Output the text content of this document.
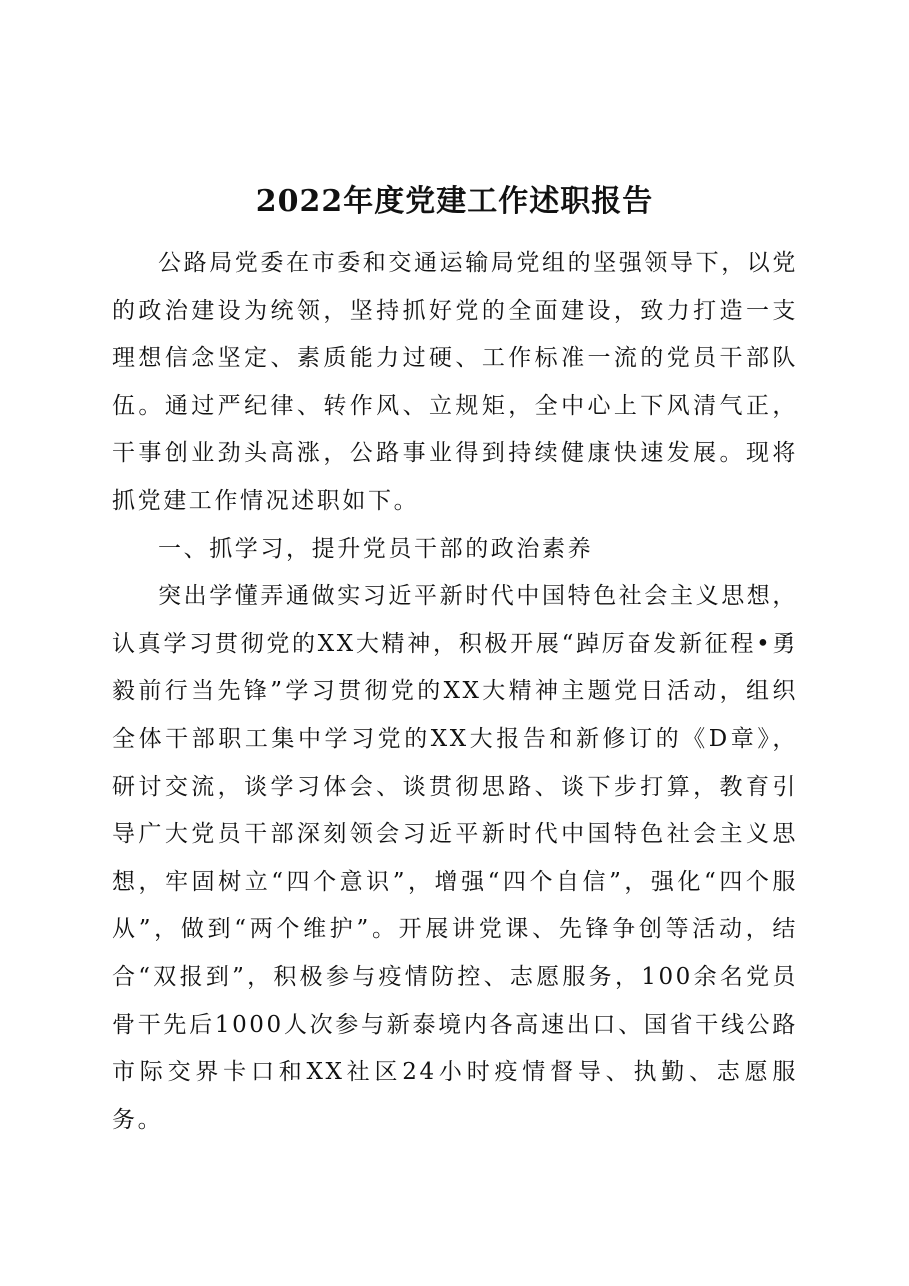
2022年度党建工作述职报告

公路局党委在市委和交通运输局党组的坚强领导下，以党的政治建设为统领，坚持抓好党的全面建设，致力打造一支理想信念坚定、素质能力过硬、工作标准一流的党员干部队伍。通过严纪律、转作风、立规矩，全中心上下风清气正，干事创业劲头高涨，公路事业得到持续健康快速发展。现将抓党建工作情况述职如下。

一、抓学习，提升党员干部的政治素养

突出学懂弄通做实习近平新时代中国特色社会主义思想，认真学习贯彻党的XX大精神，积极开展“踔厉奋发新征程•勇毅前行当先锋”学习贯彻党的XX大精神主题党日活动，组织全体干部职工集中学习党的XX大报告和新修订的《D章》，研讨交流，谈学习体会、谈贯彻思路、谈下步打算，教育引导广大党员干部深刻领会习近平新时代中国特色社会主义思想，牢固树立“四个意识”，增强“四个自信”，强化“四个服从”，做到“两个维护”。开展讲党课、先锋争创等活动，结合“双报到”，积极参与疫情防控、志愿服务，100余名党员骨干先后1000人次参与新泰境内各高速出口、国省干线公路市际交界卡口和XX社区24小时疫情督导、执勤、志愿服务。
